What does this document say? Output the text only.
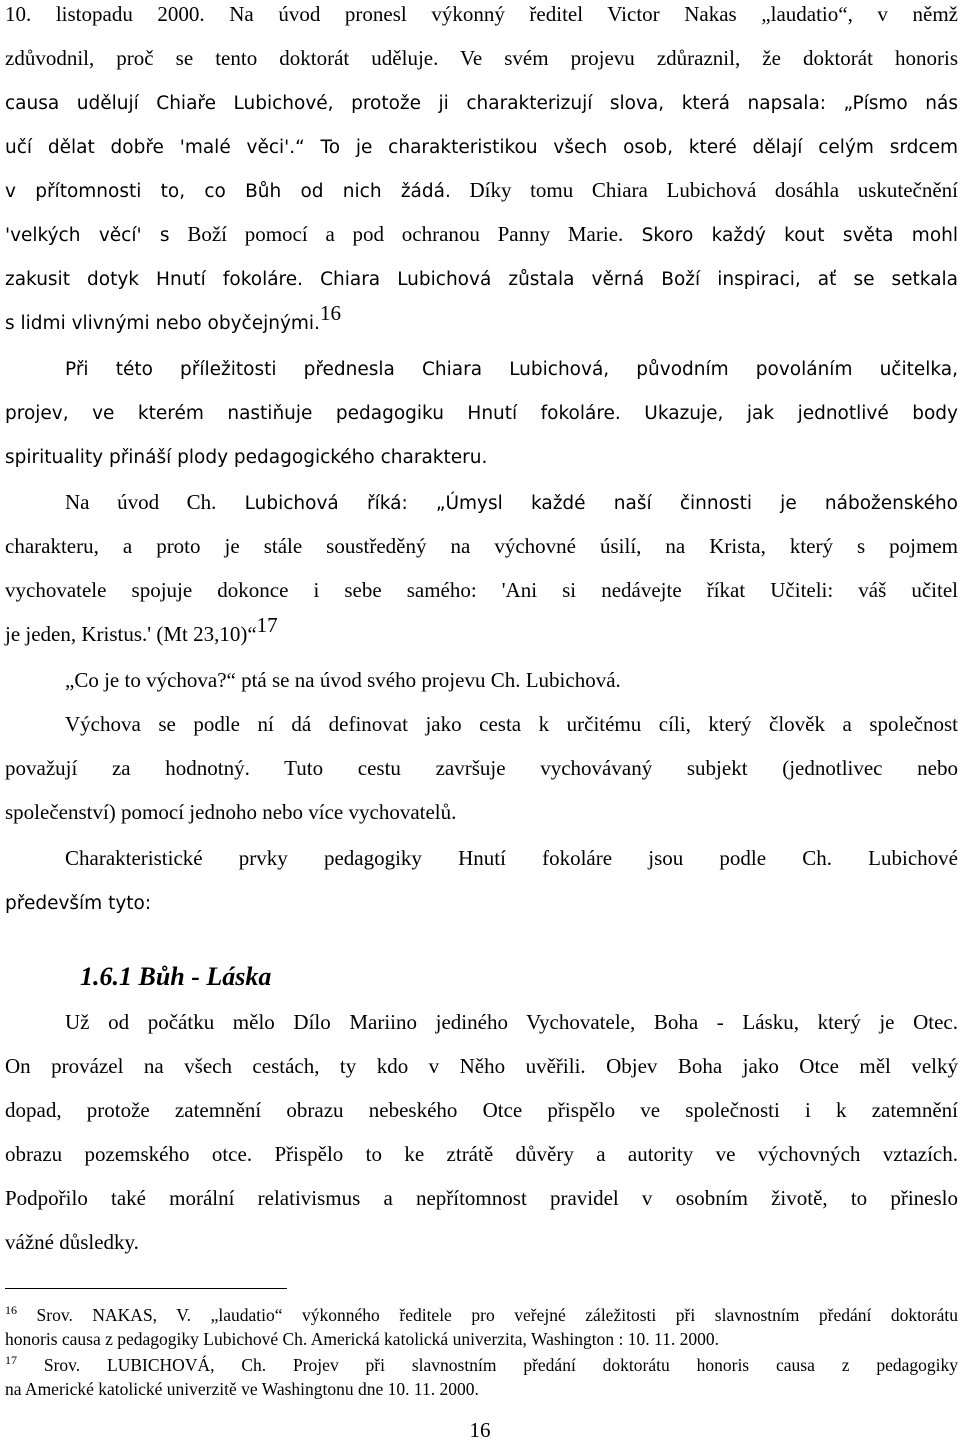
10. listopadu 2000. Na úvod pronesl výkonný ředitel Victor Nakas „laudatio“, v němž
zdůvodnil, proč se tento doktorát uděluje. Ve svém projevu zdůraznil, že doktorát honoris
causa udělují Chiaře Lubichové, protože ji charakterizují slova, která napsala: „Písmo nás
učí dělat dobře 'malé věci'.“ To je charakteristikou všech osob, které dělají celým srdcem
v přítomnosti to, co Bůh od nich žádá. Díky tomu Chiara Lubichová dosáhla uskutečnění
'velkých věcí' s Boží pomocí a pod ochranou Panny Marie. Skoro každý kout světa mohl
zakusit dotyk Hnutí fokoláre. Chiara Lubichová zůstala věrná Boží inspiraci, ať se setkala
s lidmi vlivnými nebo obyčejnými.$^{16}$
Při této příležitosti přednesla Chiara Lubichová, původním povoláním učitelka,
projev, ve kterém nastiňuje pedagogiku Hnutí fokoláre. Ukazuje, jak jednotlivé body
spirituality přináší plody pedagogického charakteru.
Na úvod Ch. Lubichová říká: „Úmysl každé naší činnosti je náboženského
charakteru, a proto je stále soustředěný na výchovné úsilí, na Krista, který s pojmem
vychovatele spojuje dokonce i sebe samého: 'Ani si nedávejte říkat Učiteli: váš učitel
je jeden, Kristus.' (Mt 23,10)“$^{17}$
„Co je to výchova?“ ptá se na úvod svého projevu Ch. Lubichová.
Výchova se podle ní dá definovat jako cesta k určitému cíli, který člověk a společnost
považují za hodnotný. Tuto cestu završuje vychovávaný subjekt (jednotlivec nebo
společenství) pomocí jednoho nebo více vychovatelů.
Charakteristické prvky pedagogiky Hnutí fokoláre jsou podle Ch. Lubichové
především tyto:
1.6.1 Bůh - Láska
Už od počátku mělo Dílo Mariino jediného Vychovatele, Boha - Lásku, který je Otec.
On provázel na všech cestách, ty kdo v Něho uvěřili. Objev Boha jako Otce měl velký
dopad, protože zatemnění obrazu nebeského Otce přispělo ve společnosti i k zatemnění
obrazu pozemského otce. Přispělo to ke ztrátě důvěry a autority ve výchovných vztazích.
Podpořilo také morální relativismus a nepřítomnost pravidel v osobním životě, to přineslo
vážné důsledky.
$^{16}$ Srov. NAKAS, V. „laudatio“ výkonného ředitele pro veřejné záležitosti při slavnostním předání doktorátu
honoris causa z pedagogiky Lubichové Ch. Americká katolická univerzita, Washington : 10. 11. 2000.
$^{17}$ Srov. LUBICHOVÁ, Ch. Projev při slavnostním předání doktorátu honoris causa z pedagogiky
na Americké katolické univerzitě ve Washingtonu dne 10. 11. 2000.
16
